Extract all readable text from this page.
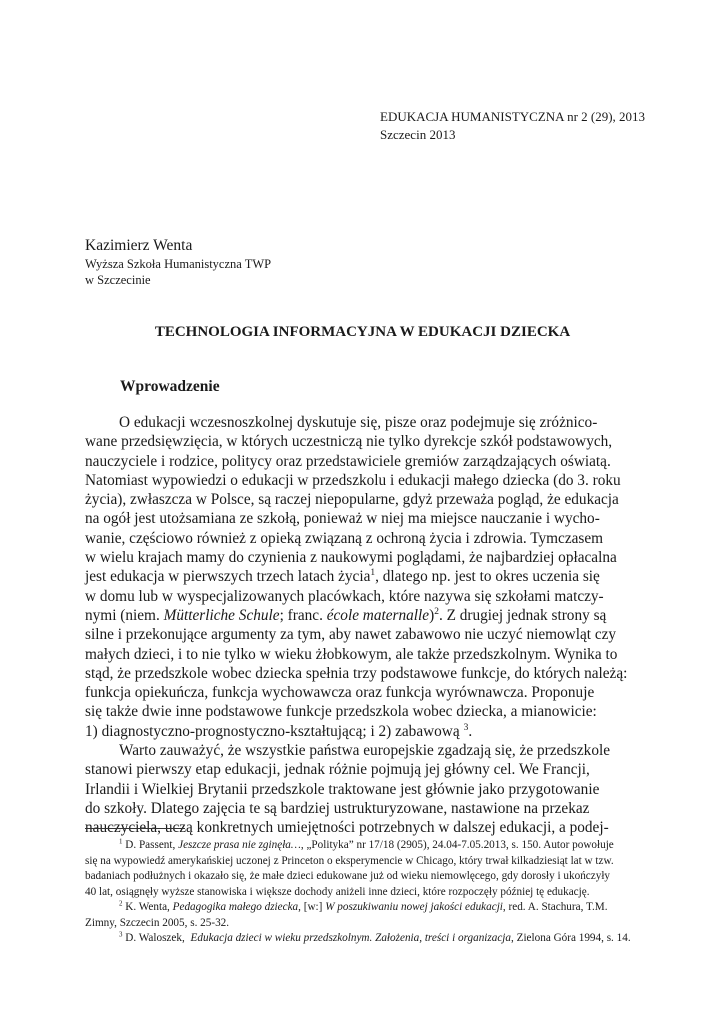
EDUKACJA HUMANISTYCZNA nr 2 (29), 2013
Szczecin 2013
Kazimierz Wenta
Wyższa Szkoła Humanistyczna TWP
w Szczecinie
TECHNOLOGIA INFORMACYJNA W EDUKACJI DZIECKA
Wprowadzenie
O edukacji wczesnoszkolnej dyskutuje się, pisze oraz podejmuje się zróżnico-
wane przedsięwzięcia, w których uczestniczą nie tylko dyrekcje szkół podstawowych,
nauczyciele i rodzice, politycy oraz przedstawiciele gremiów zarządzających oświatą.
Natomiast wypowiedzi o edukacji w przedszkolu i edukacji małego dziecka (do 3. roku
życia), zwłaszcza w Polsce, są raczej niepopularne, gdyż przeważa pogląd, że edukacja
na ogół jest utożsamiana ze szkołą, ponieważ w niej ma miejsce nauczanie i wycho-
wanie, częściowo również z opieką związaną z ochroną życia i zdrowia. Tymczasem
w wielu krajach mamy do czynienia z naukowymi poglądami, że najbardziej opłacalna
jest edukacja w pierwszych trzech latach życia$^1$, dlatego np. jest to okres uczenia się
w domu lub w wyspecjalizowanych placówkach, które nazywa się szkołami matczy-
nymi (niem. Mütterliche Schule; franc. école maternalle)$^2$. Z drugiej jednak strony są
silne i przekonujące argumenty za tym, aby nawet zabawowo nie uczyć niemowląt czy
małych dzieci, i to nie tylko w wieku żłobkowym, ale także przedszkolnym. Wynika to
stąd, że przedszkole wobec dziecka spełnia trzy podstawowe funkcje, do których należą:
funkcja opiekuńcza, funkcja wychowawcza oraz funkcja wyrównawcza. Proponuje
się także dwie inne podstawowe funkcje przedszkola wobec dziecka, a mianowicie:
1) diagnostyczno-prognostyczno-kształtującą; i 2) zabawową $^3$.
Warto zauważyć, że wszystkie państwa europejskie zgadzają się, że przedszkole
stanowi pierwszy etap edukacji, jednak różnie pojmują jej główny cel. We Francji,
Irlandii i Wielkiej Brytanii przedszkole traktowane jest głównie jako przygotowanie
do szkoły. Dlatego zajęcia te są bardziej ustrukturyzowane, nastawione na przekaz
nauczyciela, uczą konkretnych umiejętności potrzebnych w dalszej edukacji, a podej-
$^1$ D. Passent, Jeszcze prasa nie zginęła…, „Polityka” nr 17/18 (2905), 24.04-7.05.2013, s. 150. Autor powołuje
się na wypowiedź amerykańskiej uczonej z Princeton o eksperymencie w Chicago, który trwał kilkadziesiąt lat w tzw.
badaniach podłużnych i okazało się, że małe dzieci edukowane już od wieku niemowlęcego, gdy dorosły i ukończyły
40 lat, osiągnęły wyższe stanowiska i większe dochody aniżeli inne dzieci, które rozpoczęły później tę edukację.
$^2$ K. Wenta, Pedagogika małego dziecka, [w:] W poszukiwaniu nowej jakości edukacji, red. A. Stachura, T.M.
Zimny, Szczecin 2005, s. 25-32.
$^3$ D. Waloszek, Edukacja dzieci w wieku przedszkolnym. Założenia, treści i organizacja, Zielona Góra 1994, s. 14.
